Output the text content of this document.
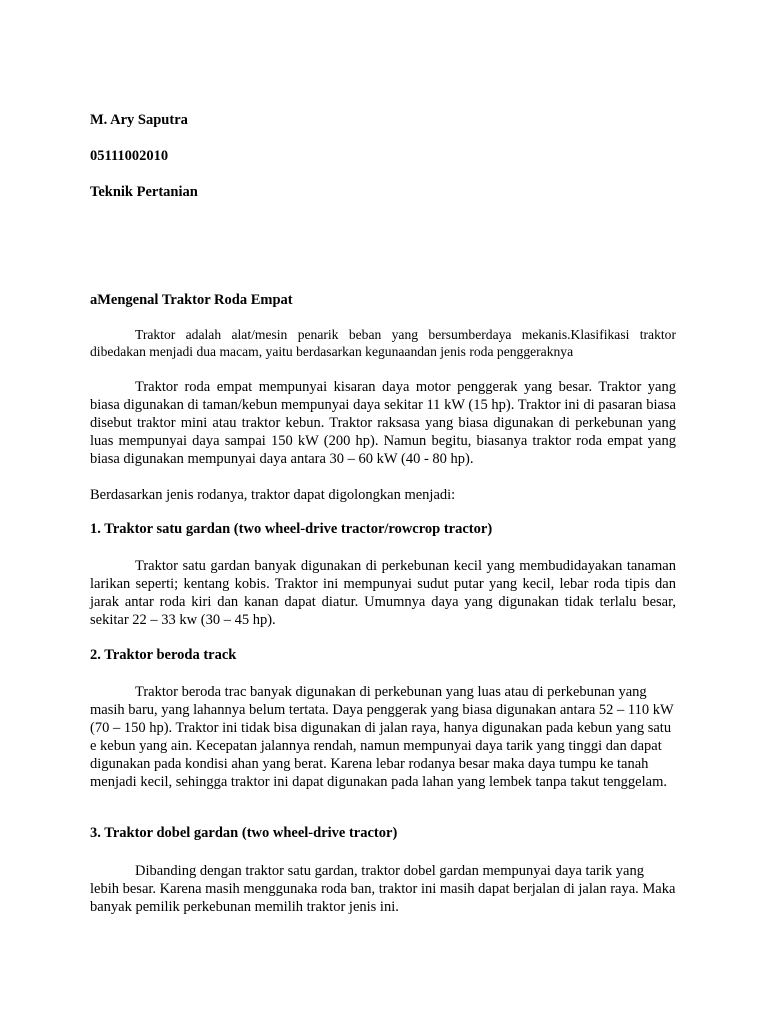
M. Ary Saputra

05111002010

Teknik Pertanian

aMengenal Traktor Roda Empat

Traktor adalah alat/mesin penarik beban yang bersumberdaya mekanis.Klasifikasi traktor dibedakan menjadi dua macam, yaitu berdasarkan kegunaandan jenis roda penggeraknya

Traktor roda empat mempunyai kisaran daya motor penggerak yang besar. Traktor yang biasa digunakan di taman/kebun mempunyai daya sekitar 11 kW (15 hp). Traktor ini di pasaran biasa disebut traktor mini atau traktor kebun. Traktor raksasa yang biasa digunakan di perkebunan yang luas mempunyai daya sampai 150 kW (200 hp). Namun begitu, biasanya traktor roda empat yang biasa digunakan mempunyai daya antara 30 – 60 kW (40 - 80 hp).

Berdasarkan jenis rodanya, traktor dapat digolongkan menjadi:

1. Traktor satu gardan (two wheel-drive tractor/rowcrop tractor)

Traktor satu gardan banyak digunakan di perkebunan kecil yang membudidayakan tanaman larikan seperti; kentang kobis. Traktor ini mempunyai sudut putar yang kecil, lebar roda tipis dan jarak antar roda kiri dan kanan dapat diatur. Umumnya daya yang digunakan tidak terlalu besar, sekitar 22 – 33 kw (30 – 45 hp).

2. Traktor beroda track

Traktor beroda trac banyak digunakan di perkebunan yang luas atau di perkebunan yang masih baru, yang lahannya belum tertata. Daya penggerak yang biasa digunakan antara 52 – 110 kW (70 – 150 hp). Traktor ini tidak bisa digunakan di jalan raya, hanya digunakan pada kebun yang satu e kebun yang ain. Kecepatan jalannya rendah, namun mempunyai daya tarik yang tinggi dan dapat digunakan pada kondisi ahan yang berat. Karena lebar rodanya besar maka daya tumpu ke tanah menjadi kecil, sehingga traktor ini dapat digunakan pada lahan yang lembek tanpa takut tenggelam.

3. Traktor dobel gardan (two wheel-drive tractor)

Dibanding dengan traktor satu gardan, traktor dobel gardan mempunyai daya tarik yang lebih besar. Karena masih menggunaka roda ban, traktor ini masih dapat berjalan di jalan raya. Maka banyak pemilik perkebunan memilih traktor jenis ini.
